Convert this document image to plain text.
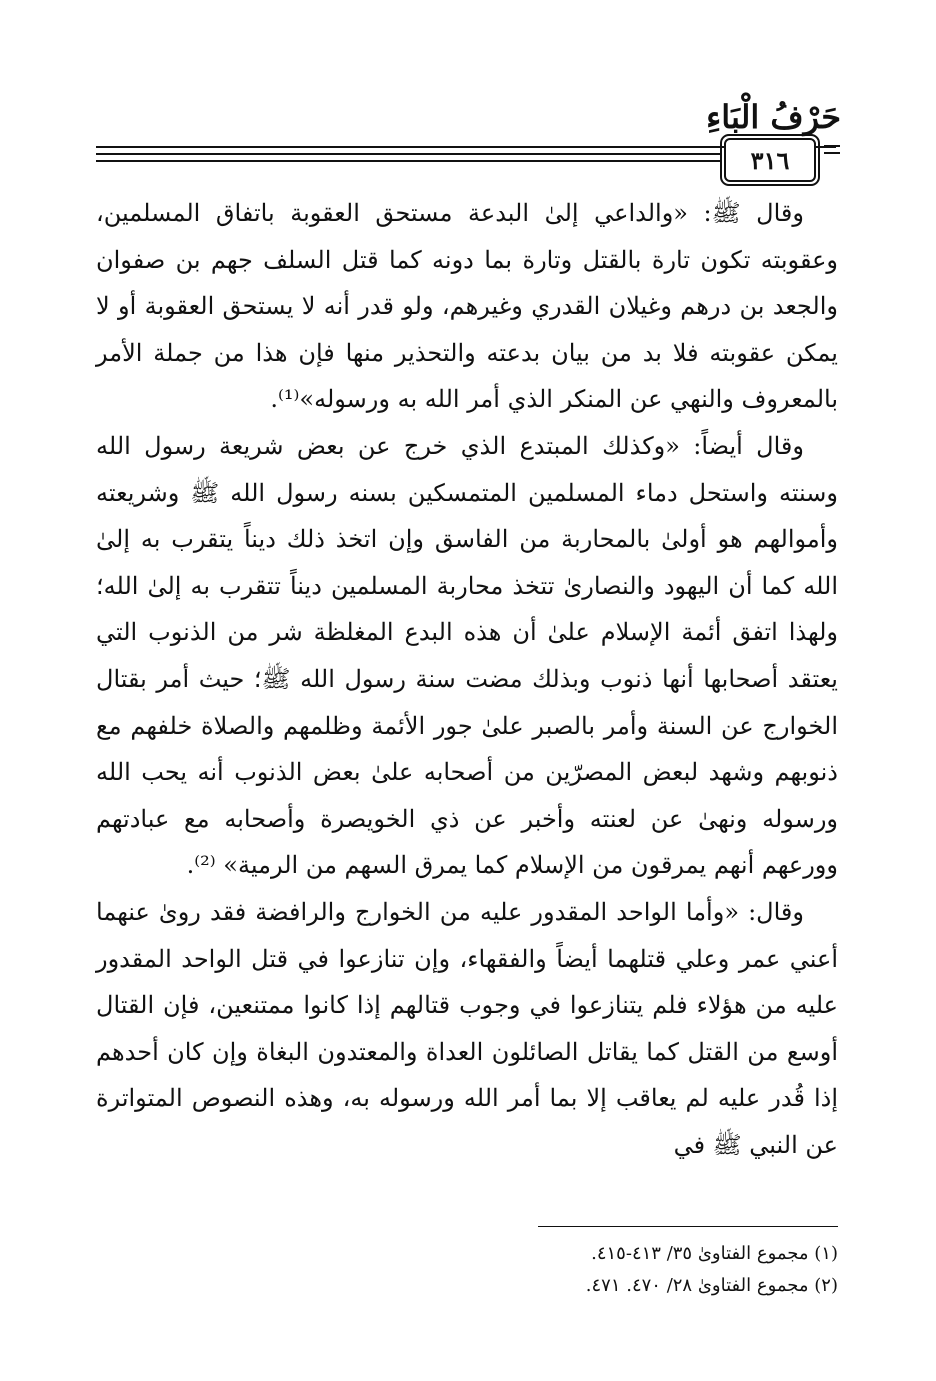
حَرْفُ الْبَاءِ
٣١٦

وقال ﷺ: «والداعي إلىٰ البدعة مستحق العقوبة باتفاق المسلمين، وعقوبته تكون تارة بالقتل وتارة بما دونه كما قتل السلف جهم بن صفوان والجعد بن درهم وغيلان القدري وغيرهم، ولو قدر أنه لا يستحق العقوبة أو لا يمكن عقوبته فلا بد من بيان بدعته والتحذير منها فإن هذا من جملة الأمر بالمعروف والنهي عن المنكر الذي أمر الله به ورسوله»⁽¹⁾.

وقال أيضاً: «وكذلك المبتدع الذي خرج عن بعض شريعة رسول الله وسنته واستحل دماء المسلمين المتمسكين بسنه رسول الله ﷺ وشريعته وأموالهم هو أولىٰ بالمحاربة من الفاسق وإن اتخذ ذلك ديناً يتقرب به إلىٰ الله كما أن اليهود والنصارىٰ تتخذ محاربة المسلمين ديناً تتقرب به إلىٰ الله؛ ولهذا اتفق أئمة الإسلام علىٰ أن هذه البدع المغلظة شر من الذنوب التي يعتقد أصحابها أنها ذنوب وبذلك مضت سنة رسول الله ﷺ؛ حيث أمر بقتال الخوارج عن السنة وأمر بالصبر علىٰ جور الأئمة وظلمهم والصلاة خلفهم مع ذنوبهم وشهد لبعض المصرّين من أصحابه علىٰ بعض الذنوب أنه يحب الله ورسوله ونهىٰ عن لعنته وأخبر عن ذي الخويصرة وأصحابه مع عبادتهم وورعهم أنهم يمرقون من الإسلام كما يمرق السهم من الرمية» ⁽²⁾.

وقال: «وأما الواحد المقدور عليه من الخوارج والرافضة فقد روىٰ عنهما أعني عمر وعلي قتلهما أيضاً والفقهاء، وإن تنازعوا في قتل الواحد المقدور عليه من هؤلاء فلم يتنازعوا في وجوب قتالهم إذا كانوا ممتنعين، فإن القتال أوسع من القتل كما يقاتل الصائلون العداة والمعتدون البغاة وإن كان أحدهم إذا قُدر عليه لم يعاقب إلا بما أمر الله ورسوله به، وهذه النصوص المتواترة عن النبي ﷺ في

(١) مجموع الفتاوىٰ ٣٥/ ٤١٣-٤١٥.
(٢) مجموع الفتاوىٰ ٢٨/ ٤٧٠. ٤٧١.
